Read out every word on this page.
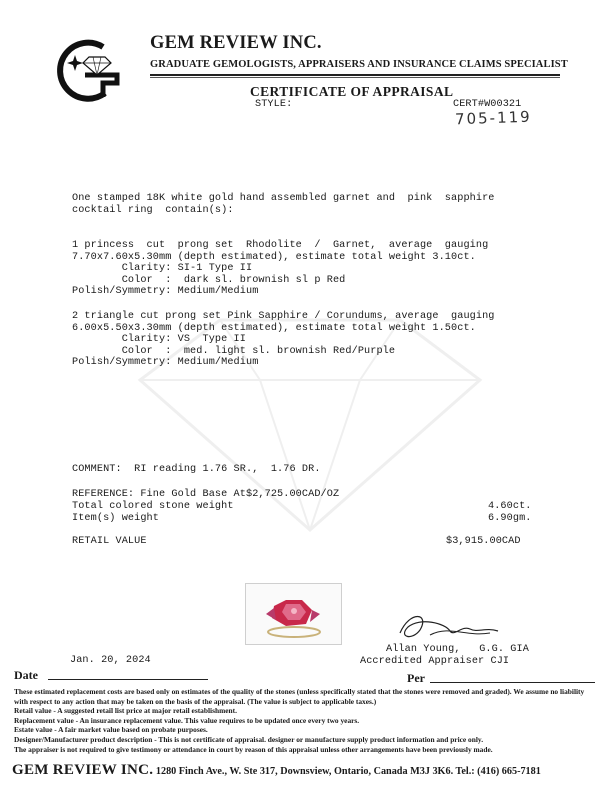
GEM REVIEW INC.
GRADUATE GEMOLOGISTS, APPRAISERS AND INSURANCE CLAIMS SPECIALIST
CERTIFICATE OF APPRAISAL
STYLE:	CERT#W00321
705-119

One stamped 18K white gold hand assembled garnet and  pink  sapphire

cocktail ring  contain(s):

1 princess  cut  prong set  Rhodolite  /  Garnet,  average  gauging

7.70x7.60x5.30mm (depth estimated), estimate total weight 3.10ct.

Clarity: SI-1 Type II

Color  :  dark sl. brownish sl p Red

Polish/Symmetry: Medium/Medium

2 triangle cut prong set Pink Sapphire / Corundums, average  gauging

6.00x5.50x3.30mm (depth estimated), estimate total weight 1.50ct.

Clarity: VS  Type II

Color  :  med. light sl. brownish Red/Purple

Polish/Symmetry: Medium/Medium

COMMENT:  RI reading 1.76 SR.,  1.76 DR.
REFERENCE: Fine Gold Base At$2,725.00CAD/OZ
Total colored stone weight	4.60ct.
Item(s) weight	6.90gm.
RETAIL VALUE	$3,915.00CAD
Allan Young,   G.G. GIA
Accredited Appraiser CJI
Jan. 20, 2024
Date	Per

These estimated replacement costs are based only on estimates of the quality of the stones (unless specifically stated that the stones were removed and graded). We assume no liability with respect to any action that may be taken on the basis of the appraisal. (The value is subject to applicable taxes.)

Retail value - A suggested retail list price at major retail establishment.

Replacement value - An insurance replacement value. This value requires to be updated once every two years.

Estate value - A fair market value based on probate purposes.

Designer/Manufacturer product description - This is not certificate of appraisal. designer or manufacture supply product information and price only.

The appraiser is not required to give testimony or attendance in court by reason of this appraisal unless other arrangements have been previously made.

GEM REVIEW INC. 1280 Finch Ave., W. Ste 317, Downsview, Ontario, Canada M3J 3K6. Tel.: (416) 665-7181
